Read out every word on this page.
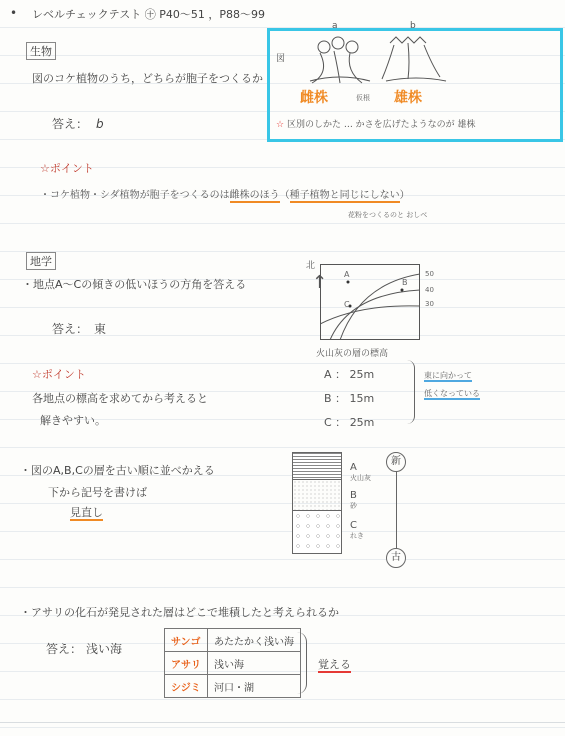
• レベルチェックテスト ㊉ P40～51 ，P88～99
生物
図のコケ植物のうち，どちらが胞子をつくるか
答え： b
図
a	b
雌株	仮根 雄株
☆ 区別のしかた … かさを広げたようなのが 雄株
☆ポイント
・コケ植物・シダ植物が胞子をつくるのは雌株のほう（種子植物と同じにしない）
花粉をつくるのと おしべ
地学
・地点A～Cの傾きの低いほうの方角を答える
答え： 東
北
↑ A
B
C
50
40
30
火山灰の層の標高
A ： 25m
B ： 15m
C ： 25m
東に向かって
低くなっている
☆ポイント
各地点の標高を求めてから考えると
解きやすい。
・図のA,B,Cの層を古い順に並べかえる
下から記号を書けば
見直し
A
火山灰
B
砂
C
れき
新
古
・アサリの化石が発見された層はどこで堆積したと考えられるか
答え： 浅い海	サンゴ	あたたかく浅い海
アサリ	浅い海
シジミ	河口・湖
覚える
